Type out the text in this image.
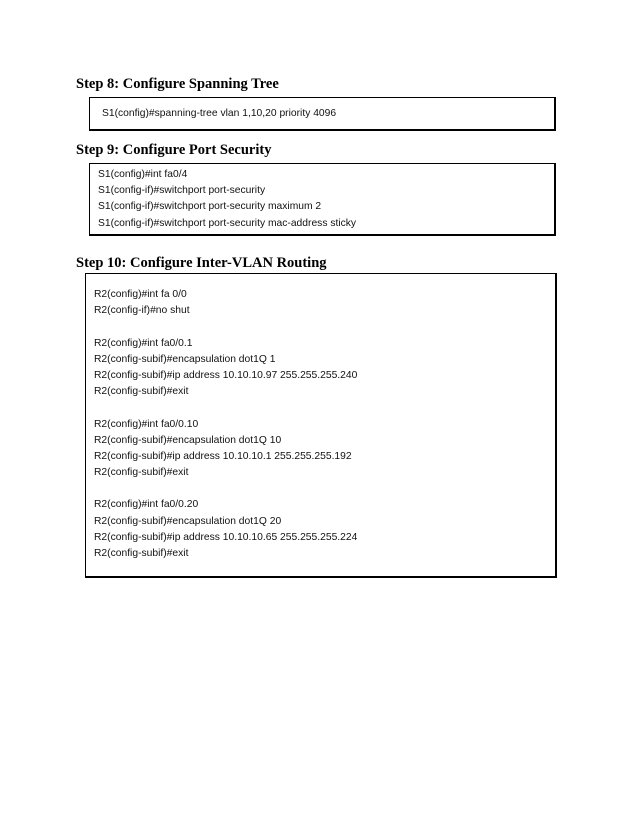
Step 8: Configure Spanning Tree
S1(config)#spanning-tree vlan 1,10,20 priority 4096
Step 9: Configure Port Security
S1(config)#int fa0/4
S1(config-if)#switchport port-security
S1(config-if)#switchport port-security maximum 2
S1(config-if)#switchport port-security mac-address sticky
Step 10: Configure Inter-VLAN Routing
R2(config)#int fa 0/0
R2(config-if)#no shut
R2(config)#int fa0/0.1
R2(config-subif)#encapsulation dot1Q 1
R2(config-subif)#ip address 10.10.10.97 255.255.255.240
R2(config-subif)#exit
R2(config)#int fa0/0.10
R2(config-subif)#encapsulation dot1Q 10
R2(config-subif)#ip address 10.10.10.1 255.255.255.192
R2(config-subif)#exit
R2(config)#int fa0/0.20
R2(config-subif)#encapsulation dot1Q 20
R2(config-subif)#ip address 10.10.10.65 255.255.255.224
R2(config-subif)#exit
